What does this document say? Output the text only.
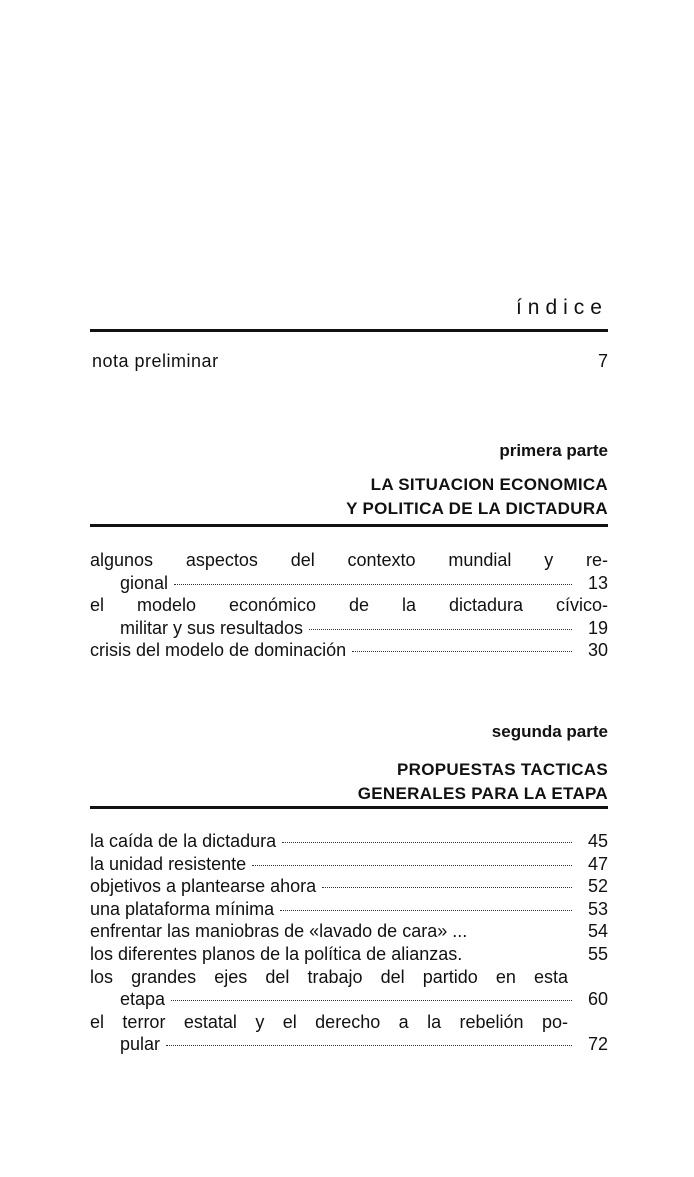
índice
nota preliminar	7
primera parte
LA SITUACION ECONOMICA
Y POLITICA DE LA DICTADURA
algunos aspectos del contexto mundial y re-
gional	13
el modelo económico de la dictadura cívico-
militar y sus resultados	19
crisis del modelo de dominación	30
segunda parte
PROPUESTAS TACTICAS
GENERALES PARA LA ETAPA
la caída de la dictadura	45
la unidad resistente	47
objetivos a plantearse ahora	52
una plataforma mínima	53
enfrentar las maniobras de «lavado de cara» ...	54
los diferentes planos de la política de alianzas.	55
los grandes ejes del trabajo del partido en esta
etapa	60
el terror estatal y el derecho a la rebelión po-
pular	72
